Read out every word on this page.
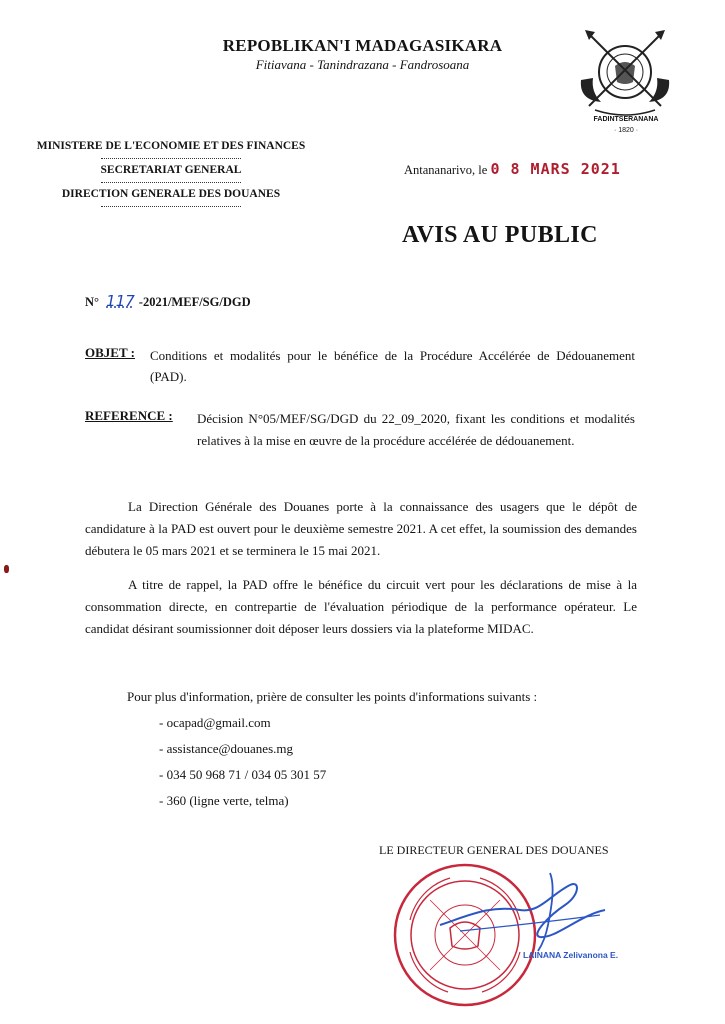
REPOBLIKAN'I MADAGASIKARA
Fitiavana - Tanindrazana - Fandrosoana
FADINTSERANANA
· 1820 ·
MINISTERE DE L'ECONOMIE ET DES FINANCES
SECRETARIAT GENERAL
DIRECTION GENERALE DES DOUANES
Antananarivo, le 0 8 MARS 2021
AVIS AU PUBLIC
N° 117 -2021/MEF/SG/DGD
OBJET : Conditions et modalités pour le bénéfice de la Procédure Accélérée de Dédouanement (PAD).
REFERENCE : Décision N°05/MEF/SG/DGD du 22_09_2020, fixant les conditions et modalités relatives à la mise en œuvre de la procédure accélérée de dédouanement.
La Direction Générale des Douanes porte à la connaissance des usagers que le dépôt de candidature à la PAD est ouvert pour le deuxième semestre 2021. A cet effet, la soumission des demandes débutera le 05 mars 2021 et se terminera le 15 mai 2021.
A titre de rappel, la PAD offre le bénéfice du circuit vert pour les déclarations de mise à la consommation directe, en contrepartie de l'évaluation périodique de la performance opérateur. Le candidat désirant soumissionner doit déposer leurs dossiers via la plateforme MIDAC.
Pour plus d'information, prière de consulter les points d'informations suivants :
- ocapad@gmail.com
- assistance@douanes.mg
- 034 50 968 71 / 034 05 301 57
- 360 (ligne verte, telma)
LE DIRECTEUR GENERAL DES DOUANES
LAINANA Zelivanona E.
